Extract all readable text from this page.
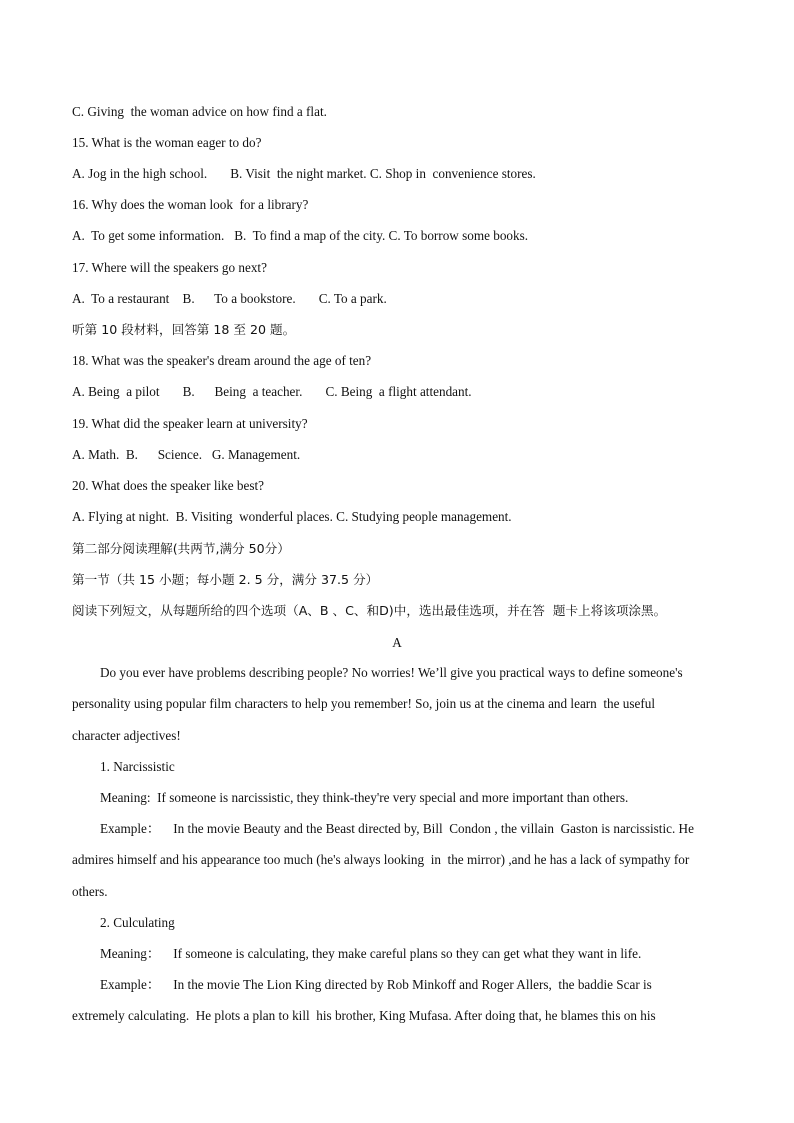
C. Giving  the woman advice on how find a flat.
15. What is the woman eager to do?
A. Jog in the high school.       B. Visit  the night market. C. Shop in  convenience stores.
16. Why does the woman look  for a library?
A.  To get some information.   B.  To find a map of the city. C. To borrow some books.
17. Where will the speakers go next?
A.  To a restaurant    B.      To a bookstore.       C. To a park.
听第 10 段材料，回答第 18 至 20 题。
18. What was the speaker's dream around the age of ten?
A. Being  a pilot       B.      Being  a teacher.       C. Being  a flight attendant.
19. What did the speaker learn at university?
A. Math.  B.      Science.   G. Management.
20. What does the speaker like best?
A. Flying at night.  B. Visiting  wonderful places. C. Studying people management.
第二部分阅读理解(共两节,满分 50分）
第一节（共 15 小题；每小题 2. 5 分，满分 37.5 分）
阅读下列短文，从每题所给的四个选项（A、B 、C、和D)中，选出最佳选项，并在答  题卡上将该项涂黑。
A
Do you ever have problems describing people? No worries! We’ll give you practical ways to define someone's
personality using popular film characters to help you remember! So, join us at the cinema and learn  the useful
character adjectives!
1. Narcissistic
Meaning:  If someone is narcissistic, they think-they're very special and more important than others.
Example：    In the movie Beauty and the Beast directed by, Bill  Condon , the villain  Gaston is narcissistic. He
admires himself and his appearance too much (he's always looking  in  the mirror) ,and he has a lack of sympathy for
others.
2. Culculating
Meaning：    If someone is calculating, they make careful plans so they can get what they want in life.
Example：    In the movie The Lion King directed by Rob Minkoff and Roger Allers,  the baddie Scar is
extremely calculating.  He plots a plan to kill  his brother, King Mufasa. After doing that, he blames this on his
